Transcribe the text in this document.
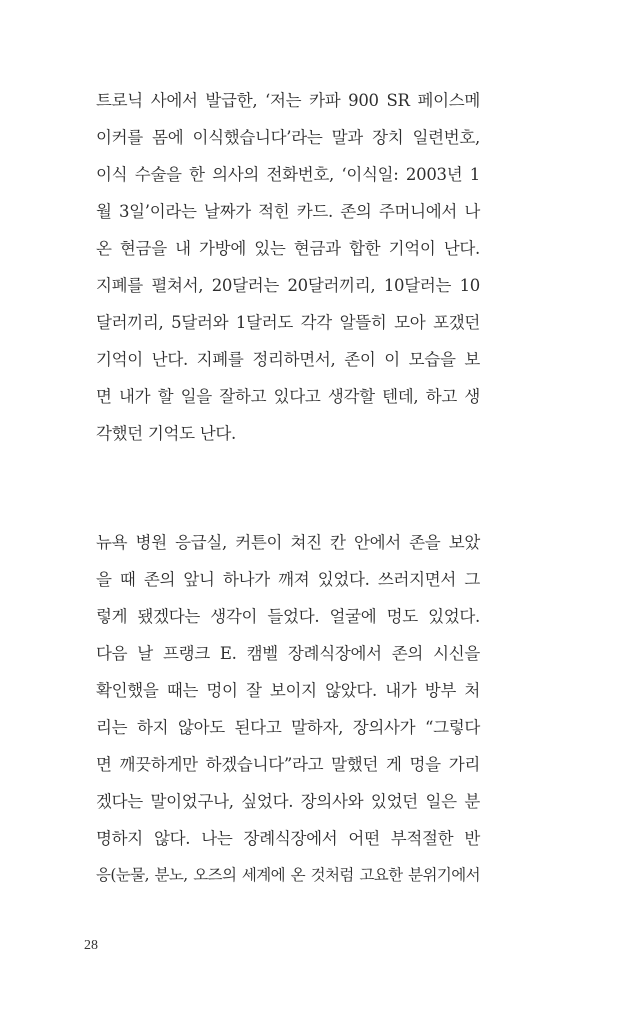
트로닉 사에서 발급한, ‘저는 카파 900 SR 페이스메
이커를 몸에 이식했습니다’라는 말과 장치 일련번호,
이식 수술을 한 의사의 전화번호, ‘이식일: 2003년 1
월 3일’이라는 날짜가 적힌 카드. 존의 주머니에서 나
온 현금을 내 가방에 있는 현금과 합한 기억이 난다.
지폐를 펼쳐서, 20달러는 20달러끼리, 10달러는 10
달러끼리, 5달러와 1달러도 각각 알뜰히 모아 포갰던
기억이 난다. 지폐를 정리하면서, 존이 이 모습을 보
면 내가 할 일을 잘하고 있다고 생각할 텐데, 하고 생
각했던 기억도 난다.
뉴욕 병원 응급실, 커튼이 쳐진 칸 안에서 존을 보았
을 때 존의 앞니 하나가 깨져 있었다. 쓰러지면서 그
렇게 됐겠다는 생각이 들었다. 얼굴에 멍도 있었다.
다음 날 프랭크 E. 캠벨 장례식장에서 존의 시신을
확인했을 때는 멍이 잘 보이지 않았다. 내가 방부 처
리는 하지 않아도 된다고 말하자, 장의사가 “그렇다
면 깨끗하게만 하겠습니다”라고 말했던 게 멍을 가리
겠다는 말이었구나, 싶었다. 장의사와 있었던 일은 분
명하지 않다. 나는 장례식장에서 어떤 부적절한 반
응(눈물, 분노, 오즈의 세계에 온 것처럼 고요한 분위기에서
28
